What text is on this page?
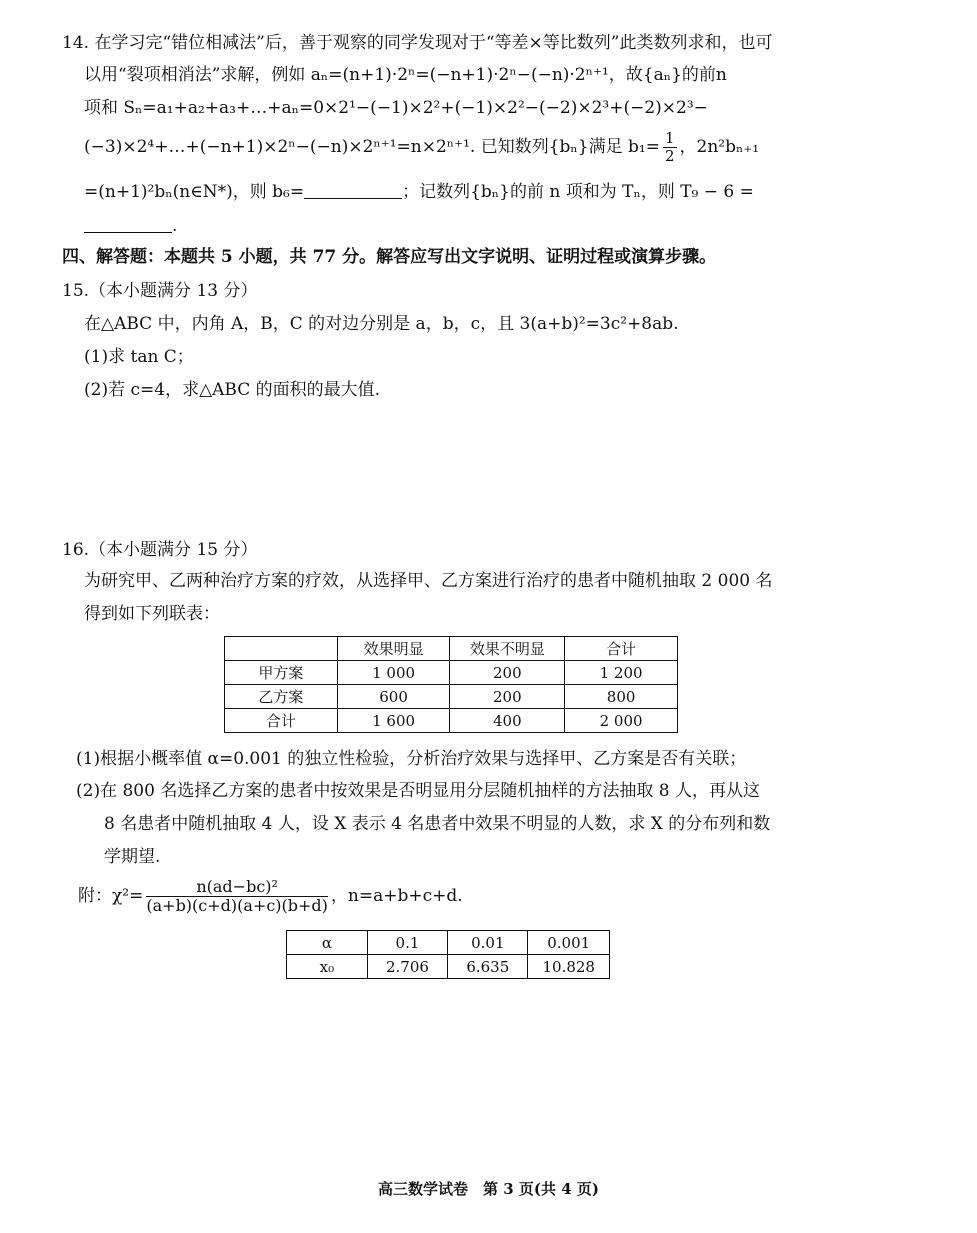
14. 在学习完“错位相减法”后，善于观察的同学发现对于“等差×等比数列”此类数列求和，也可
以用“裂项相消法”求解，例如 aₙ=(n+1)·2ⁿ=(−n+1)·2ⁿ−(−n)·2ⁿ⁺¹，故{aₙ}的前n
项和 Sₙ=a₁+a₂+a₃+…+aₙ=0×2¹−(−1)×2²+(−1)×2²−(−2)×2³+(−2)×2³−
(−3)×2⁴+…+(−n+1)×2ⁿ−(−n)×2ⁿ⁺¹=n×2ⁿ⁺¹. 已知数列{bₙ}满足 $b_1= \frac{1}{2}$ ，2n²bₙ₊₁
=(n+1)²bₙ(n∈N*)，则 b₆=	；记数列{bₙ}的前 n 项和为 Tₙ，则 T₉ − 6 =
.
四、解答题：本题共 5 小题，共 77 分。解答应写出文字说明、证明过程或演算步骤。
15.（本小题满分 13 分）
在△ABC 中，内角 A，B，C 的对边分别是 a，b，c，且 3(a+b)²=3c²+8ab.
(1)求 tan C；
(2)若 c=4，求△ABC 的面积的最大值.
16.（本小题满分 15 分）
为研究甲、乙两种治疗方案的疗效，从选择甲、乙方案进行治疗的患者中随机抽取 2 000 名
得到如下列联表：
	效果明显	效果不明显	合计
甲方案	1 000	200	1 200
乙方案	600	200	800
合计	1 600	400	2 000
(1)根据小概率值 α=0.001 的独立性检验，分析治疗效果与选择甲、乙方案是否有关联；
(2)在 800 名选择乙方案的患者中按效果是否明显用分层随机抽样的方法抽取 8 人，再从这
8 名患者中随机抽取 4 人，设 X 表示 4 名患者中效果不明显的人数，求 X 的分布列和数
学期望.
附：$\chi^2= \frac{\text{n(ad−bc)²}}{(a+b)(c+d)(a+c)(b+d)}$ ，n=a+b+c+d.
α	0.1	0.01	0.001
x₀	2.706	6.635	10.828
高三数学试卷　第 3 页(共 4 页)
